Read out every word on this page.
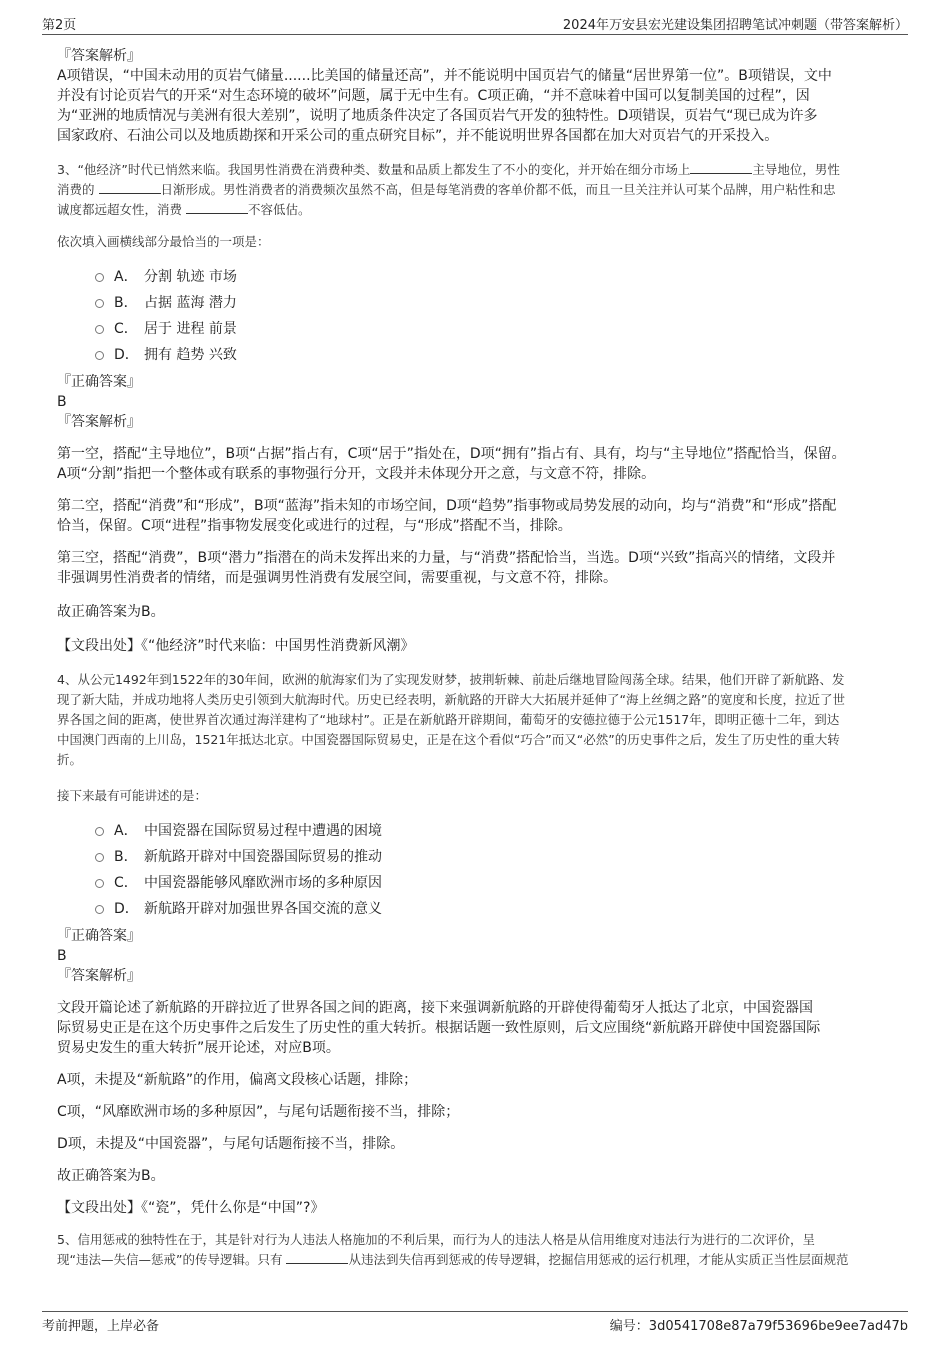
第2页	2024年万安县宏光建设集团招聘笔试冲刺题（带答案解析）

『答案解析』

A项错误，“中国未动用的页岩气储量......比美国的储量还高”，并不能说明中国页岩气的储量“居世界第一位”。B项错误，文中

并没有讨论页岩气的开采“对生态环境的破坏”问题，属于无中生有。C项正确，“并不意味着中国可以复制美国的过程”，因

为“亚洲的地质情况与美洲有很大差别”，说明了地质条件决定了各国页岩气开发的独特性。D项错误，页岩气“现已成为许多

国家政府、石油公司以及地质勘探和开采公司的重点研究目标”，并不能说明世界各国都在加大对页岩气的开采投入。

3、“他经济”时代已悄然来临。我国男性消费在消费种类、数量和品质上都发生了不小的变化，并开始在细分市场上	主导地位，男性

消费的	日渐形成。男性消费者的消费频次虽然不高，但是每笔消费的客单价都不低，而且一旦关注并认可某个品牌，用户粘性和忠

诚度都远超女性，消费	不容低估。

依次填入画横线部分最恰当的一项是：

A． 分割 轨迹 市场
B． 占据 蓝海 潜力
C． 居于 进程 前景
D． 拥有 趋势 兴致

『正确答案』

B

『答案解析』

第一空，搭配“主导地位”，B项“占据”指占有，C项“居于”指处在，D项“拥有”指占有、具有，均与“主导地位”搭配恰当，保留。

A项“分割”指把一个整体或有联系的事物强行分开，文段并未体现分开之意，与文意不符，排除。

第二空，搭配“消费”和“形成”，B项“蓝海”指未知的市场空间，D项“趋势”指事物或局势发展的动向，均与“消费”和“形成”搭配

恰当，保留。C项“进程”指事物发展变化或进行的过程，与“形成”搭配不当，排除。

第三空，搭配“消费”，B项“潜力”指潜在的尚未发挥出来的力量，与“消费”搭配恰当，当选。D项“兴致”指高兴的情绪，文段并

非强调男性消费者的情绪，而是强调男性消费有发展空间，需要重视，与文意不符，排除。

故正确答案为B。

【文段出处】《“他经济”时代来临：中国男性消费新风潮》

4、从公元1492年到1522年的30年间，欧洲的航海家们为了实现发财梦，披荆斩棘、前赴后继地冒险闯荡全球。结果，他们开辟了新航路、发

现了新大陆，并成功地将人类历史引领到大航海时代。历史已经表明，新航路的开辟大大拓展并延伸了“海上丝绸之路”的宽度和长度，拉近了世

界各国之间的距离，使世界首次通过海洋建构了“地球村”。正是在新航路开辟期间，葡萄牙的安德拉德于公元1517年，即明正德十二年，到达

中国澳门西南的上川岛，1521年抵达北京。中国瓷器国际贸易史，正是在这个看似“巧合”而又“必然”的历史事件之后，发生了历史性的重大转

折。

接下来最有可能讲述的是：

A． 中国瓷器在国际贸易过程中遭遇的困境
B． 新航路开辟对中国瓷器国际贸易的推动
C． 中国瓷器能够风靡欧洲市场的多种原因
D． 新航路开辟对加强世界各国交流的意义

『正确答案』

B

『答案解析』

文段开篇论述了新航路的开辟拉近了世界各国之间的距离，接下来强调新航路的开辟使得葡萄牙人抵达了北京，中国瓷器国

际贸易史正是在这个历史事件之后发生了历史性的重大转折。根据话题一致性原则，后文应围绕“新航路开辟使中国瓷器国际

贸易史发生的重大转折”展开论述，对应B项。

A项，未提及“新航路”的作用，偏离文段核心话题，排除；

C项，“风靡欧洲市场的多种原因”，与尾句话题衔接不当，排除；

D项，未提及“中国瓷器”，与尾句话题衔接不当，排除。

故正确答案为B。

【文段出处】《“瓷”，凭什么你是“中国”?》

5、信用惩戒的独特性在于，其是针对行为人违法人格施加的不利后果，而行为人的违法人格是从信用维度对违法行为进行的二次评价，呈

现“违法—失信—惩戒”的传导逻辑。只有	从违法到失信再到惩戒的传导逻辑，挖掘信用惩戒的运行机理，才能从实质正当性层面规范

考前押题，上岸必备	编号：3d0541708e87a79f53696be9ee7ad47b
